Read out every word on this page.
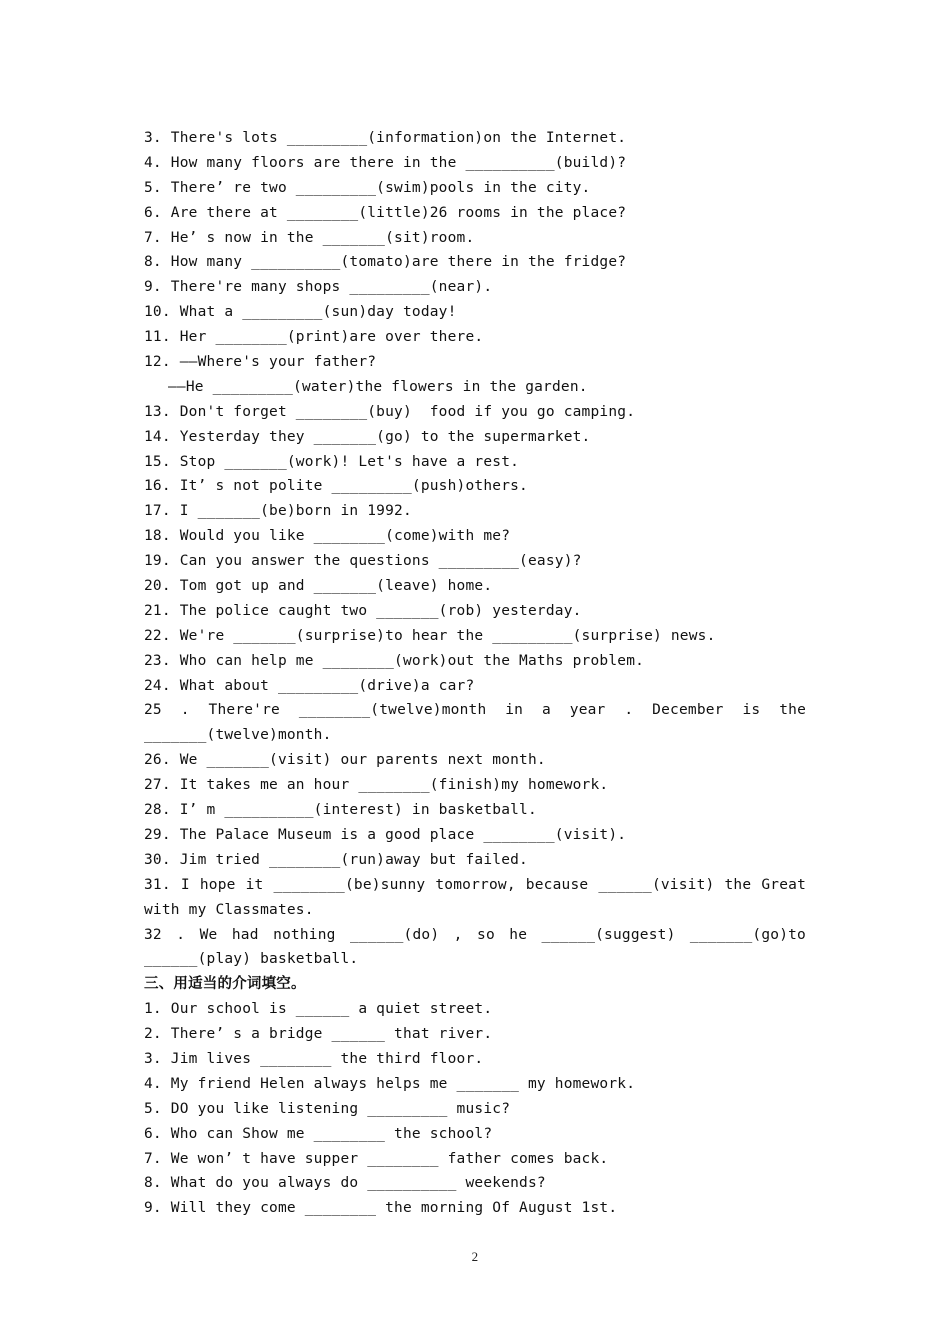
3. There's lots _________(information)on the Internet.
4. How many floors are there in the __________(build)?
5. There’ re two _________(swim)pools in the city.
6. Are there at ________(little)26 rooms in the place?
7. He’ s now in the _______(sit)room.
8. How many __________(tomato)are there in the fridge?
9. There're many shops _________(near).
10. What a _________(sun)day today!
11. Her ________(print)are over there.
12. ——Where's your father?
——He _________(water)the flowers in the garden.
13. Don't forget ________(buy)  food if you go camping.
14. Yesterday they _______(go) to the supermarket.
15. Stop _______(work)! Let's have a rest.
16. It’ s not polite _________(push)others.
17. I _______(be)born in 1992.
18. Would you like ________(come)with me?
19. Can you answer the questions _________(easy)?
20. Tom got up and _______(leave) home.
21. The police caught two _______(rob) yesterday.
22. We're _______(surprise)to hear the _________(surprise) news.
23. Who can help me ________(work)out the Maths problem.
24. What about _________(drive)a car?
25 . There're ________(twelve)month in a year . December is the
_______(twelve)month.
26. We _______(visit) our parents next month.
27. It takes me an hour ________(finish)my homework.
28. I’ m __________(interest) in basketball.
29. The Palace Museum is a good place ________(visit).
30. Jim tried ________(run)away but failed.
31. I hope it ________(be)sunny tomorrow, because ______(visit) the Great
with my Classmates.
32 . We had nothing ______(do) , so he ______(suggest) _______(go)to
______(play) basketball.
三、用适当的介词填空。
1. Our school is ______ a quiet street.
2. There’ s a bridge ______ that river.
3. Jim lives ________ the third floor.
4. My friend Helen always helps me _______ my homework.
5. DO you like listening _________ music?
6. Who can Show me ________ the school?
7. We won’ t have supper ________ father comes back.
8. What do you always do __________ weekends?
9. Will they come ________ the morning Of August 1st.
2
